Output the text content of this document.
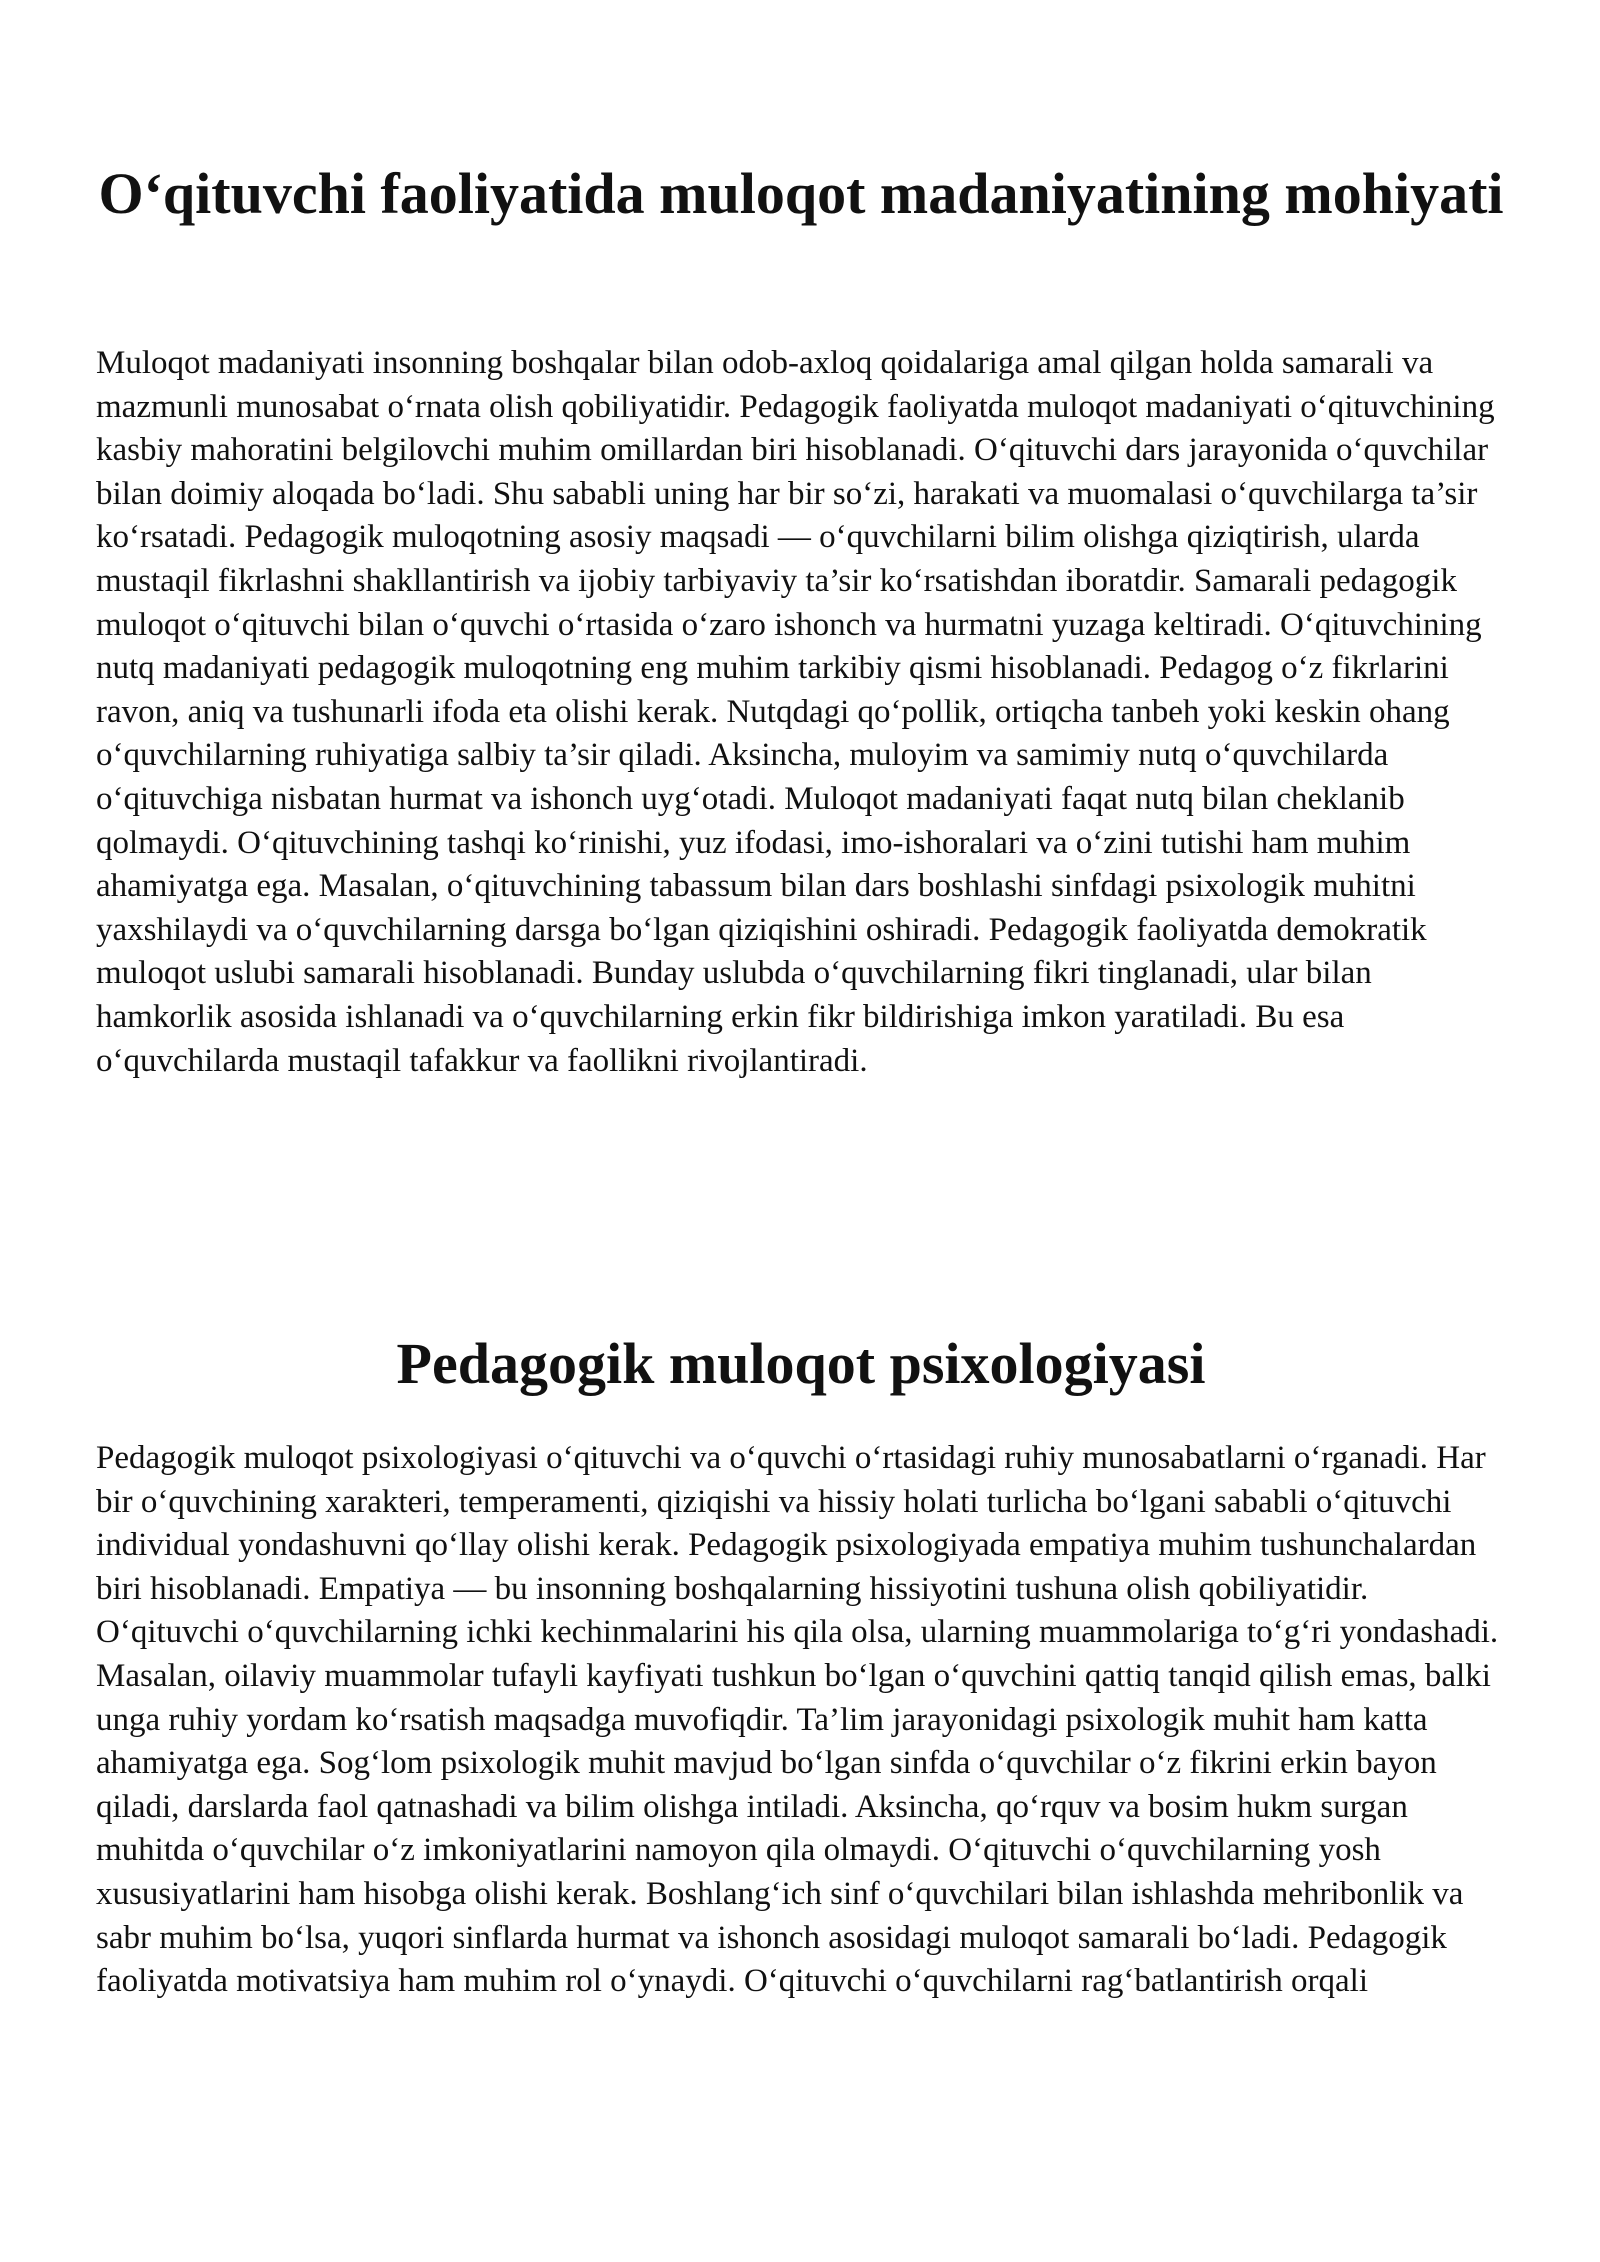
O‘qituvchi faoliyatida muloqot madaniyatining mohiyati

Muloqot madaniyati insonning boshqalar bilan odob-axloq qoidalariga amal qilgan holda samarali va mazmunli munosabat o‘rnata olish qobiliyatidir. Pedagogik faoliyatda muloqot madaniyati o‘qituvchining kasbiy mahoratini belgilovchi muhim omillardan biri hisoblanadi. O‘qituvchi dars jarayonida o‘quvchilar bilan doimiy aloqada bo‘ladi. Shu sababli uning har bir so‘zi, harakati va muomalasi o‘quvchilarga ta’sir ko‘rsatadi. Pedagogik muloqotning asosiy maqsadi — o‘quvchilarni bilim olishga qiziqtirish, ularda mustaqil fikrlashni shakllantirish va ijobiy tarbiyaviy ta’sir ko‘rsatishdan iboratdir. Samarali pedagogik muloqot o‘qituvchi bilan o‘quvchi o‘rtasida o‘zaro ishonch va hurmatni yuzaga keltiradi. O‘qituvchining nutq madaniyati pedagogik muloqotning eng muhim tarkibiy qismi hisoblanadi. Pedagog o‘z fikrlarini ravon, aniq va tushunarli ifoda eta olishi kerak. Nutqdagi qo‘pollik, ortiqcha tanbeh yoki keskin ohang o‘quvchilarning ruhiyatiga salbiy ta’sir qiladi. Aksincha, muloyim va samimiy nutq o‘quvchilarda o‘qituvchiga nisbatan hurmat va ishonch uyg‘otadi. Muloqot madaniyati faqat nutq bilan cheklanib qolmaydi. O‘qituvchining tashqi ko‘rinishi, yuz ifodasi, imo-ishoralari va o‘zini tutishi ham muhim ahamiyatga ega. Masalan, o‘qituvchining tabassum bilan dars boshlashi sinfdagi psixologik muhitni yaxshilaydi va o‘quvchilarning darsga bo‘lgan qiziqishini oshiradi. Pedagogik faoliyatda demokratik muloqot uslubi samarali hisoblanadi. Bunday uslubda o‘quvchilarning fikri tinglanadi, ular bilan hamkorlik asosida ishlanadi va o‘quvchilarning erkin fikr bildirishiga imkon yaratiladi. Bu esa o‘quvchilarda mustaqil tafakkur va faollikni rivojlantiradi.

Pedagogik muloqot psixologiyasi

Pedagogik muloqot psixologiyasi o‘qituvchi va o‘quvchi o‘rtasidagi ruhiy munosabatlarni o‘rganadi. Har bir o‘quvchining xarakteri, temperamenti, qiziqishi va hissiy holati turlicha bo‘lgani sababli o‘qituvchi individual yondashuvni qo‘llay olishi kerak. Pedagogik psixologiyada empatiya muhim tushunchalardan biri hisoblanadi. Empatiya — bu insonning boshqalarning hissiyotini tushuna olish qobiliyatidir. O‘qituvchi o‘quvchilarning ichki kechinmalarini his qila olsa, ularning muammolariga to‘g‘ri yondashadi. Masalan, oilaviy muammolar tufayli kayfiyati tushkun bo‘lgan o‘quvchini qattiq tanqid qilish emas, balki unga ruhiy yordam ko‘rsatish maqsadga muvofiqdir. Ta’lim jarayonidagi psixologik muhit ham katta ahamiyatga ega. Sog‘lom psixologik muhit mavjud bo‘lgan sinfda o‘quvchilar o‘z fikrini erkin bayon qiladi, darslarda faol qatnashadi va bilim olishga intiladi. Aksincha, qo‘rquv va bosim hukm surgan muhitda o‘quvchilar o‘z imkoniyatlarini namoyon qila olmaydi. O‘qituvchi o‘quvchilarning yosh xususiyatlarini ham hisobga olishi kerak. Boshlang‘ich sinf o‘quvchilari bilan ishlashda mehribonlik va sabr muhim bo‘lsa, yuqori sinflarda hurmat va ishonch asosidagi muloqot samarali bo‘ladi. Pedagogik faoliyatda motivatsiya ham muhim rol o‘ynaydi. O‘qituvchi o‘quvchilarni rag‘batlantirish orqali
